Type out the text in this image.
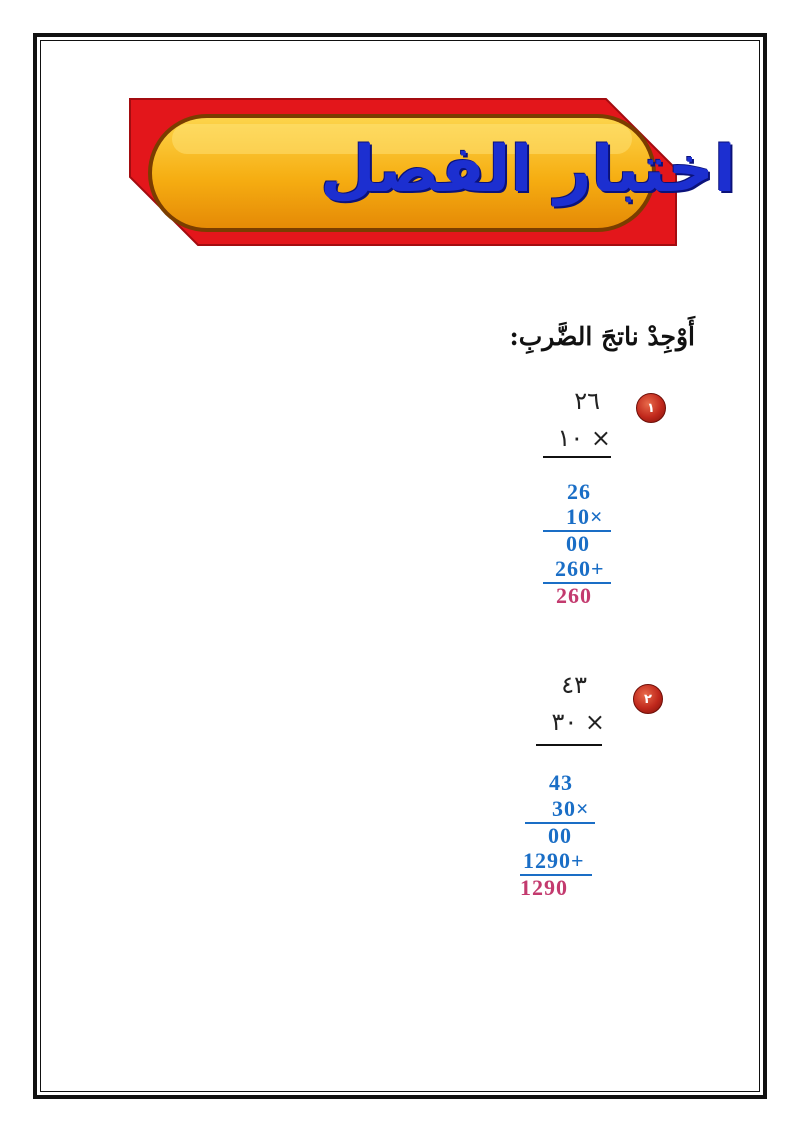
اختبار الفصل
أَوْجِدْ ناتجَ الضَّربِ:
١
٢٦
١٠ ×
26
10×
00
260+
260
٢
٤٣
٣٠ ×
43
30×
00
1290+
1290
